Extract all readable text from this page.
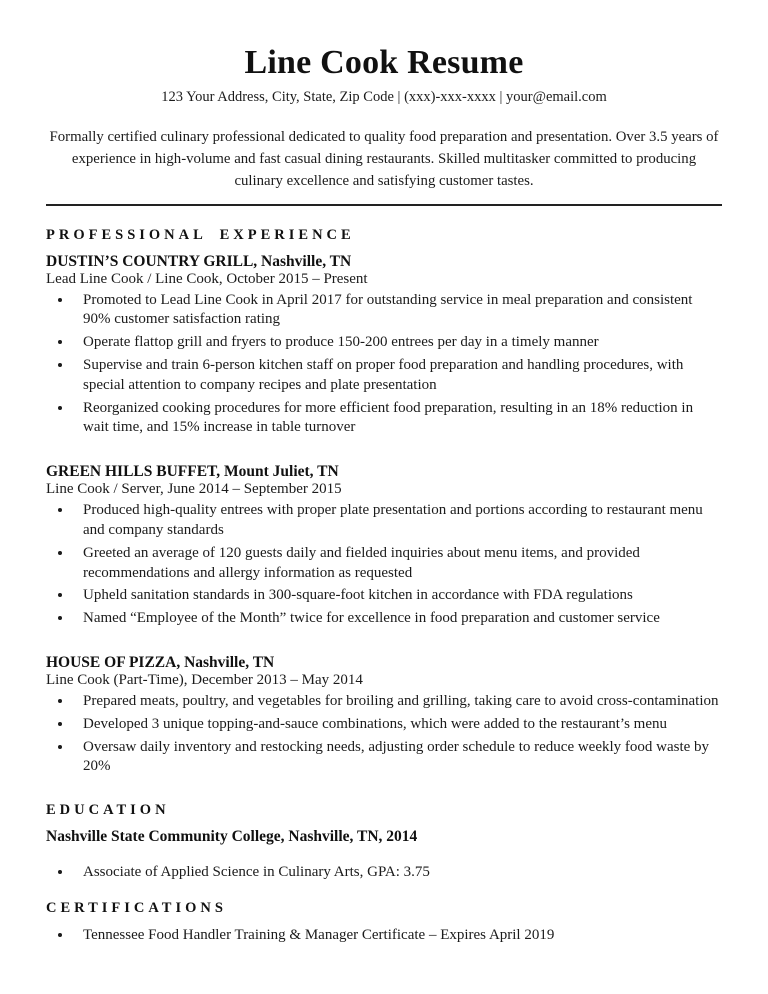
Line Cook Resume

123 Your Address, City, State, Zip Code | (xxx)-xxx-xxxx | your@email.com

Formally certified culinary professional dedicated to quality food preparation and presentation. Over 3.5 years of experience in high-volume and fast casual dining restaurants. Skilled multitasker committed to producing culinary excellence and satisfying customer tastes.

PROFESSIONAL EXPERIENCE

DUSTIN’S COUNTRY GRILL, Nashville, TN

Lead Line Cook / Line Cook, October 2015 – Present

• Promoted to Lead Line Cook in April 2017 for outstanding service in meal preparation and consistent 90% customer satisfaction rating
• Operate flattop grill and fryers to produce 150-200 entrees per day in a timely manner
• Supervise and train 6-person kitchen staff on proper food preparation and handling procedures, with special attention to company recipes and plate presentation
• Reorganized cooking procedures for more efficient food preparation, resulting in an 18% reduction in wait time, and 15% increase in table turnover

GREEN HILLS BUFFET, Mount Juliet, TN

Line Cook / Server, June 2014 – September 2015

• Produced high-quality entrees with proper plate presentation and portions according to restaurant menu and company standards
• Greeted an average of 120 guests daily and fielded inquiries about menu items, and provided recommendations and allergy information as requested
• Upheld sanitation standards in 300-square-foot kitchen in accordance with FDA regulations
• Named “Employee of the Month” twice for excellence in food preparation and customer service

HOUSE OF PIZZA, Nashville, TN

Line Cook (Part-Time), December 2013 – May 2014

• Prepared meats, poultry, and vegetables for broiling and grilling, taking care to avoid cross-contamination
• Developed 3 unique topping-and-sauce combinations, which were added to the restaurant’s menu
• Oversaw daily inventory and restocking needs, adjusting order schedule to reduce weekly food waste by 20%
EDUCATION

Nashville State Community College, Nashville, TN, 2014

• Associate of Applied Science in Culinary Arts, GPA: 3.75
CERTIFICATIONS
• Tennessee Food Handler Training & Manager Certificate – Expires April 2019
